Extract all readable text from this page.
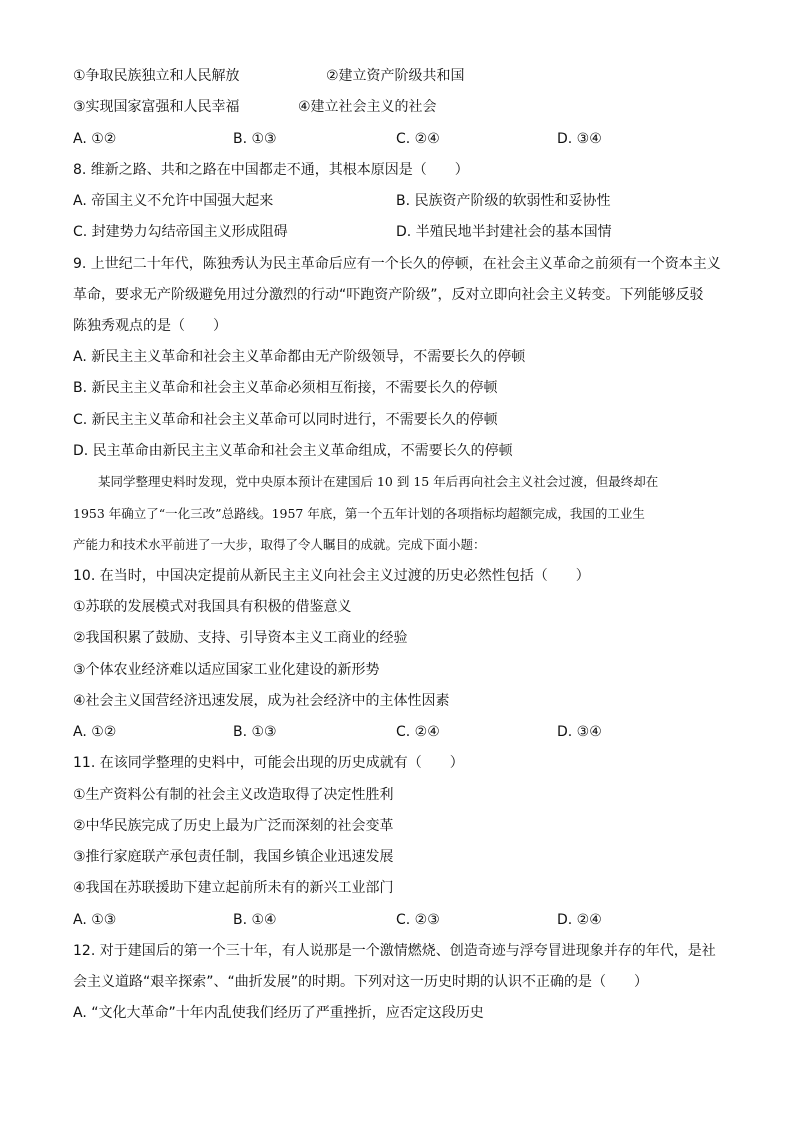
①争取民族独立和人民解放	②建立资产阶级共和国
③实现国家富强和人民幸福	④建立社会主义的社会
A. ①②	B. ①③	C. ②④	D. ③④
8. 维新之路、共和之路在中国都走不通，其根本原因是（　　）
A. 帝国主义不允许中国强大起来	B. 民族资产阶级的软弱性和妥协性
C. 封建势力勾结帝国主义形成阻碍	D. 半殖民地半封建社会的基本国情
9. 上世纪二十年代，陈独秀认为民主革命后应有一个长久的停顿，在社会主义革命之前须有一个资本主义
革命，要求无产阶级避免用过分激烈的行动“吓跑资产阶级”，反对立即向社会主义转变。下列能够反驳
陈独秀观点的是（　　）
A. 新民主主义革命和社会主义革命都由无产阶级领导，不需要长久的停顿
B. 新民主主义革命和社会主义革命必须相互衔接，不需要长久的停顿
C. 新民主主义革命和社会主义革命可以同时进行，不需要长久的停顿
D. 民主革命由新民主主义革命和社会主义革命组成，不需要长久的停顿
　　某同学整理史料时发现，党中央原本预计在建国后 10 到 15 年后再向社会主义社会过渡，但最终却在
1953 年确立了“一化三改”总路线。1957 年底，第一个五年计划的各项指标均超额完成，我国的工业生
产能力和技术水平前进了一大步，取得了令人瞩目的成就。完成下面小题：
10. 在当时，中国决定提前从新民主主义向社会主义过渡的历史必然性包括（　　）
①苏联的发展模式对我国具有积极的借鉴意义
②我国积累了鼓励、支持、引导资本主义工商业的经验
③个体农业经济难以适应国家工业化建设的新形势
④社会主义国营经济迅速发展，成为社会经济中的主体性因素
A. ①②	B. ①③	C. ②④	D. ③④
11. 在该同学整理的史料中，可能会出现的历史成就有（　　）
①生产资料公有制的社会主义改造取得了决定性胜利
②中华民族完成了历史上最为广泛而深刻的社会变革
③推行家庭联产承包责任制，我国乡镇企业迅速发展
④我国在苏联援助下建立起前所未有的新兴工业部门
A. ①③	B. ①④	C. ②③	D. ②④
12. 对于建国后的第一个三十年，有人说那是一个激情燃烧、创造奇迹与浮夸冒进现象并存的年代，是社
会主义道路“艰辛探索”、“曲折发展”的时期。下列对这一历史时期的认识不正确的是（　　）
A. “文化大革命”十年内乱使我们经历了严重挫折，应否定这段历史
